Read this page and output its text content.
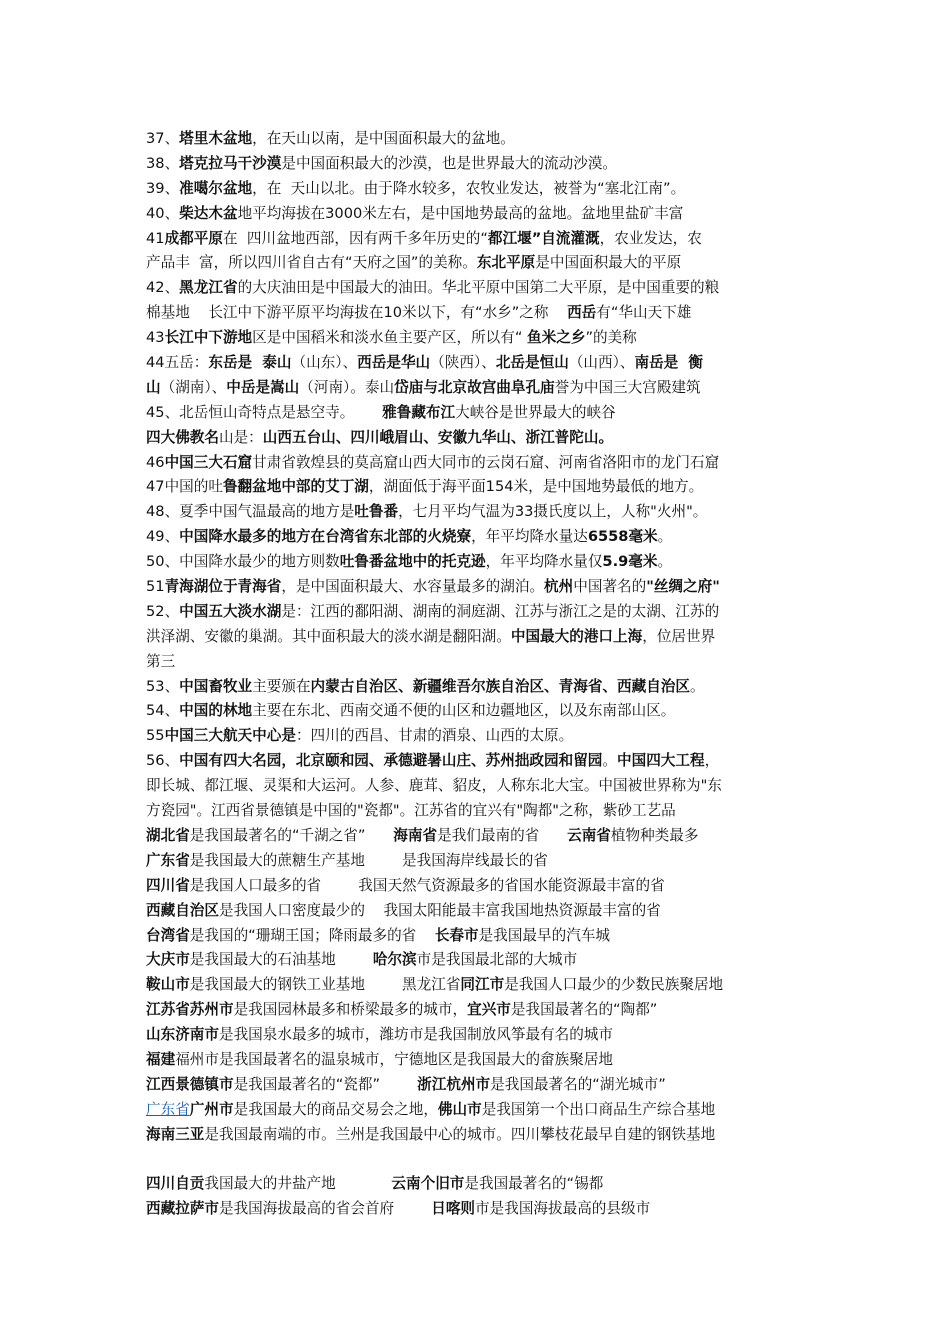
37、塔里木盆地，在天山以南，是中国面积最大的盆地。
38、塔克拉马干沙漠是中国面积最大的沙漠，也是世界最大的流动沙漠。
39、准噶尔盆地，在  天山以北。由于降水较多，农牧业发达，被誉为“塞北江南”。
40、柴达木盆地平均海拔在3000米左右，是中国地势最高的盆地。盆地里盐矿丰富
41成都平原在  四川盆地西部，因有两千多年历史的“都江堰”自流灌溉，农业发达，农
产品丰  富，所以四川省自古有“天府之国”的美称。东北平原是中国面积最大的平原
42、黑龙江省的大庆油田是中国最大的油田。华北平原中国第二大平原，是中国重要的粮
棉基地    长江中下游平原平均海拔在10米以下，有“水乡”之称    西岳有“华山天下雄
43长江中下游地区是中国稻米和淡水鱼主要产区，所以有“ 鱼米之乡”的美称
44五岳：东岳是  泰山（山东）、西岳是华山（陕西）、北岳是恒山（山西）、南岳是  衡
山（湖南）、中岳是嵩山（河南）。泰山岱庙与北京故宫曲阜孔庙誉为中国三大宫殿建筑
45、北岳恒山奇特点是悬空寺。      雅鲁藏布江大峡谷是世界最大的峡谷
四大佛教名山是：山西五台山、四川峨眉山、安徽九华山、浙江普陀山。
46中国三大石窟甘肃省敦煌县的莫高窟山西大同市的云岗石窟、河南省洛阳市的龙门石窟
47中国的吐鲁翻盆地中部的艾丁湖，湖面低于海平面154米，是中国地势最低的地方。
48、夏季中国气温最高的地方是吐鲁番，七月平均气温为33摄氏度以上，人称"火州"。
49、中国降水最多的地方在台湾省东北部的火烧寮，年平均降水量达6558毫米。
50、中国降水最少的地方则数吐鲁番盆地中的托克逊，年平均降水量仅5.9毫米。
51青海湖位于青海省，是中国面积最大、水容量最多的湖泊。杭州中国著名的"丝绸之府"
52、中国五大淡水湖是：江西的鄱阳湖、湖南的洞庭湖、江苏与浙江之是的太湖、江苏的
洪泽湖、安徽的巢湖。其中面积最大的淡水湖是翻阳湖。中国最大的港口上海，位居世界
第三
53、中国畜牧业主要颁在内蒙古自治区、新疆维吾尔族自治区、青海省、西藏自治区。
54、中国的林地主要在东北、西南交通不便的山区和边疆地区，以及东南部山区。
55中国三大航天中心是：四川的西昌、甘肃的酒泉、山西的太原。
56、中国有四大名园，北京颐和园、承德避暑山庄、苏州拙政园和留园。中国四大工程，
即长城、都江堰、灵渠和大运河。人参、鹿茸、貂皮，人称东北大宝。中国被世界称为"东
方瓷园"。江西省景德镇是中国的"瓷都"。江苏省的宜兴有"陶都"之称，紫砂工艺品
湖北省是我国最著名的“千湖之省”      海南省是我们最南的省      云南省植物种类最多
广东省是我国最大的蔗糖生产基地        是我国海岸线最长的省
四川省是我国人口最多的省        我国天然气资源最多的省国水能资源最丰富的省
西藏自治区是我国人口密度最少的    我国太阳能最丰富我国地热资源最丰富的省
台湾省是我国的“珊瑚王国；降雨最多的省    长春市是我国最早的汽车城
大庆市是我国最大的石油基地        哈尔滨市是我国最北部的大城市
鞍山市是我国最大的钢铁工业基地        黑龙江省同江市是我国人口最少的少数民族聚居地
江苏省苏州市是我国园林最多和桥梁最多的城市，宜兴市是我国最著名的“陶都”
山东济南市是我国泉水最多的城市，潍坊市是我国制放风筝最有名的城市
福建福州市是我国最著名的温泉城市，宁德地区是我国最大的畲族聚居地
江西景德镇市是我国最著名的“瓷都”        浙江杭州市是我国最著名的“湖光城市”
广东省广州市是我国最大的商品交易会之地，佛山市是我国第一个出口商品生产综合基地
海南三亚是我国最南端的市。兰州是我国最中心的城市。四川攀枝花最早自建的钢铁基地
四川自贡我国最大的井盐产地            云南个旧市是我国最著名的“锡都
西藏拉萨市是我国海拔最高的省会首府        日喀则市是我国海拔最高的县级市
